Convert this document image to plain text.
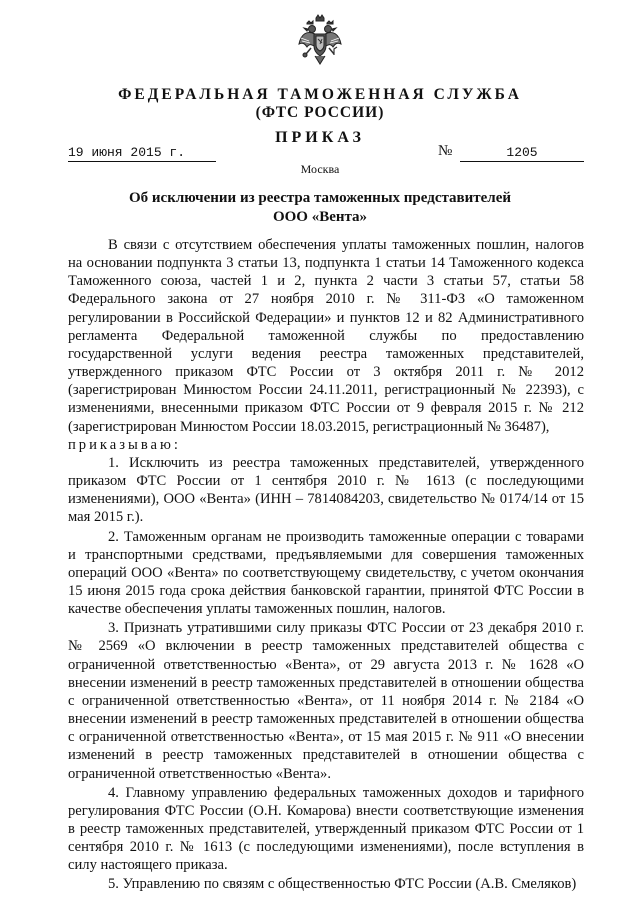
ФЕДЕРАЛЬНАЯ ТАМОЖЕННАЯ СЛУЖБА
(ФТС РОССИИ)
ПРИКАЗ
19 июня 2015 г.	№	1205
Москва
Об исключении из реестра таможенных представителей
ООО «Вента»

В связи с отсутствием обеспечения уплаты таможенных пошлин, налогов на основании подпункта 3 статьи 13, подпункта 1 статьи 14 Таможенного кодекса Таможенного союза, частей 1 и 2, пункта 2 части 3 статьи 57, статьи 58 Федерального закона от 27 ноября 2010 г. № 311-ФЗ «О таможенном регулировании в Российской Федерации» и пунктов 12 и 82 Административного регламента Федеральной таможенной службы по предоставлению государственной услуги ведения реестра таможенных представителей, утвержденного приказом ФТС России от 3 октября 2011 г. № 2012 (зарегистрирован Минюстом России 24.11.2011, регистрационный № 22393), с изменениями, внесенными приказом ФТС России от 9 февраля 2015 г. № 212 (зарегистрирован Минюстом России 18.03.2015, регистрационный № 36487),

приказываю:

1. Исключить из реестра таможенных представителей, утвержденного приказом ФТС России от 1 сентября 2010 г. № 1613 (с последующими изменениями), ООО «Вента» (ИНН – 7814084203, свидетельство № 0174/14 от 15 мая 2015 г.).

2. Таможенным органам не производить таможенные операции с товарами и транспортными средствами, предъявляемыми для совершения таможенных операций ООО «Вента» по соответствующему свидетельству, с учетом окончания 15 июня 2015 года срока действия банковской гарантии, принятой ФТС России в качестве обеспечения уплаты таможенных пошлин, налогов.

3. Признать утратившими силу приказы ФТС России от 23 декабря 2010 г. № 2569 «О включении в реестр таможенных представителей общества с ограниченной ответственностью «Вента», от 29 августа 2013 г. № 1628 «О внесении изменений в реестр таможенных представителей в отношении общества с ограниченной ответственностью «Вента», от 11 ноября 2014 г. № 2184 «О внесении изменений в реестр таможенных представителей в отношении общества с ограниченной ответственностью «Вента», от 15 мая 2015 г. № 911 «О внесении изменений в реестр таможенных представителей в отношении общества с ограниченной ответственностью «Вента».

4. Главному управлению федеральных таможенных доходов и тарифного регулирования ФТС России (О.Н. Комарова) внести соответствующие изменения в реестр таможенных представителей, утвержденный приказом ФТС России от 1 сентября 2010 г. № 1613 (с последующими изменениями), после вступления в силу настоящего приказа.

5. Управлению по связям с общественностью ФТС России (А.В. Смеляков)
